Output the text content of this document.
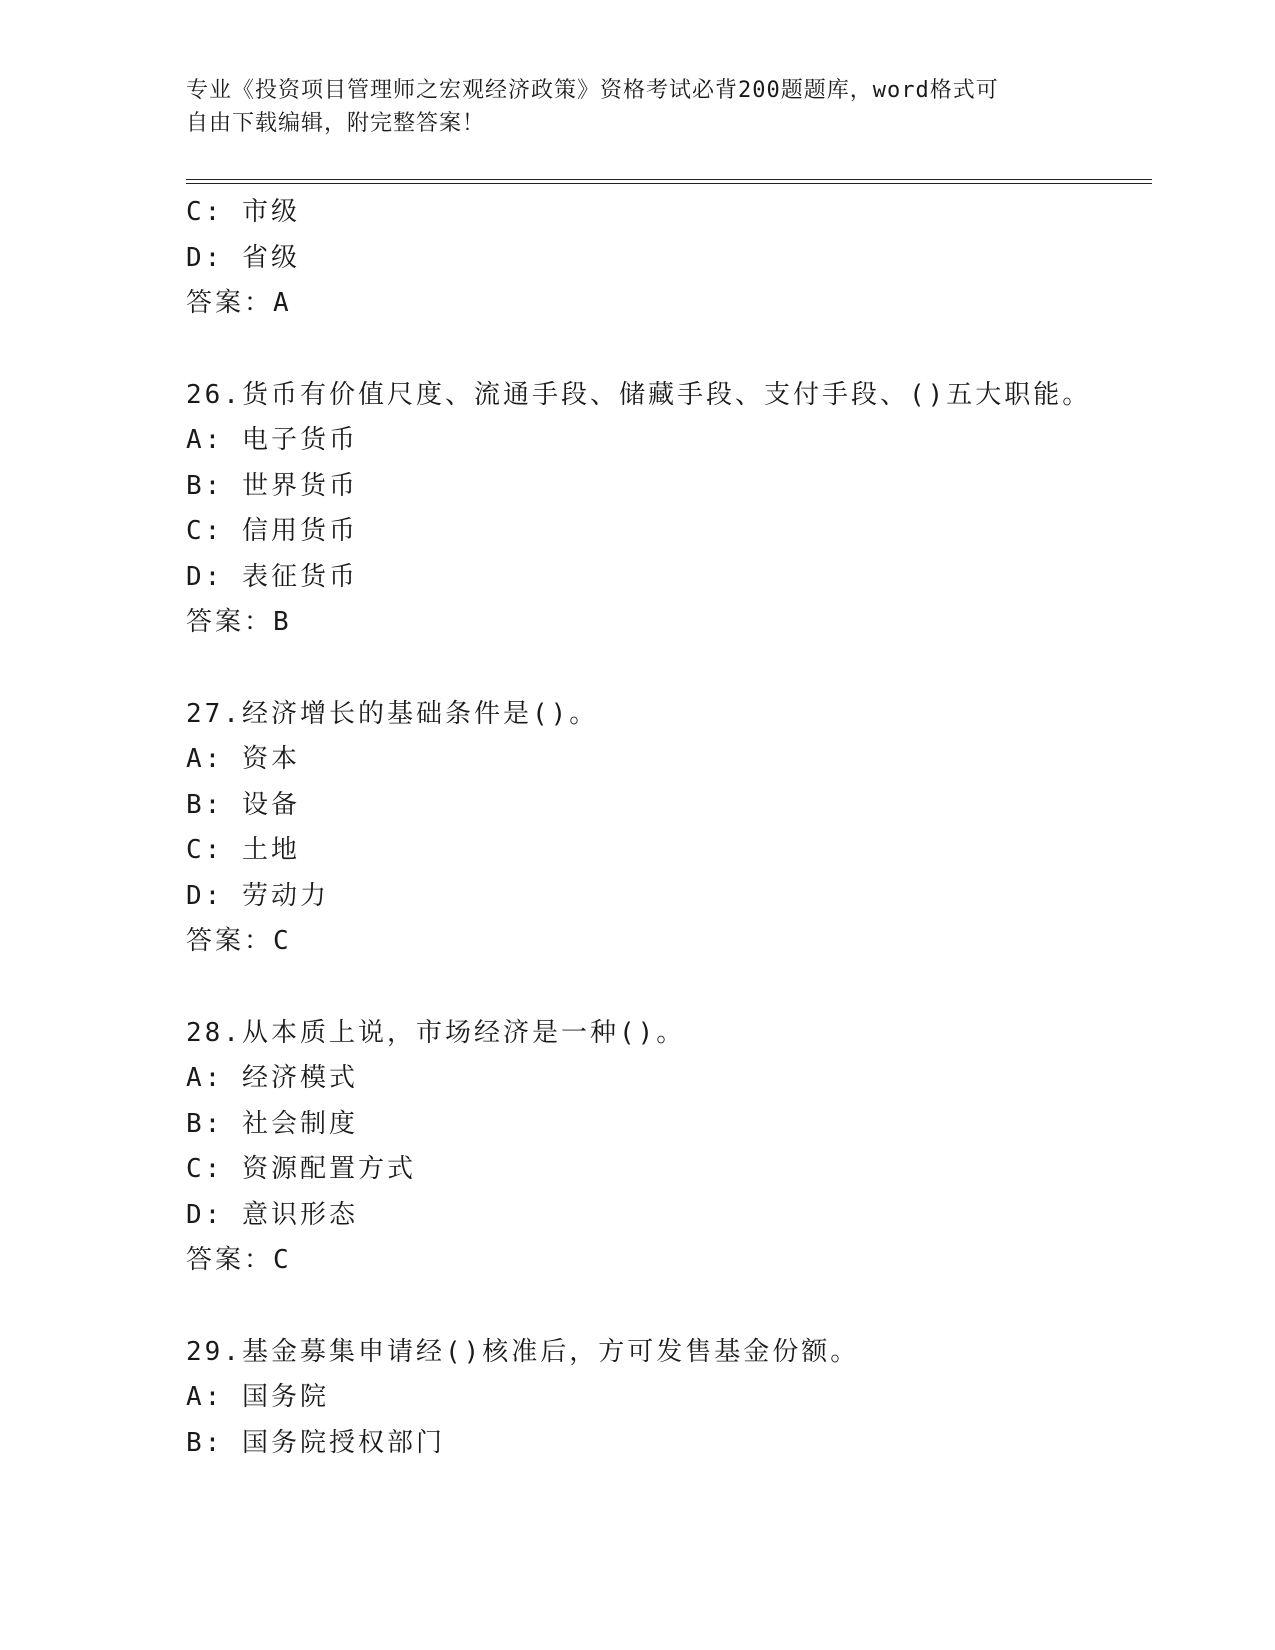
专业《投资项目管理师之宏观经济政策》资格考试必背200题题库，word格式可
自由下载编辑，附完整答案！
C: 市级
D: 省级
答案：A
26.货币有价值尺度、流通手段、储藏手段、支付手段、()五大职能。
A: 电子货币
B: 世界货币
C: 信用货币
D: 表征货币
答案：B
27.经济增长的基础条件是()。
A: 资本
B: 设备
C: 土地
D: 劳动力
答案：C
28.从本质上说，市场经济是一种()。
A: 经济模式
B: 社会制度
C: 资源配置方式
D: 意识形态
答案：C
29.基金募集申请经()核准后，方可发售基金份额。
A: 国务院
B: 国务院授权部门
